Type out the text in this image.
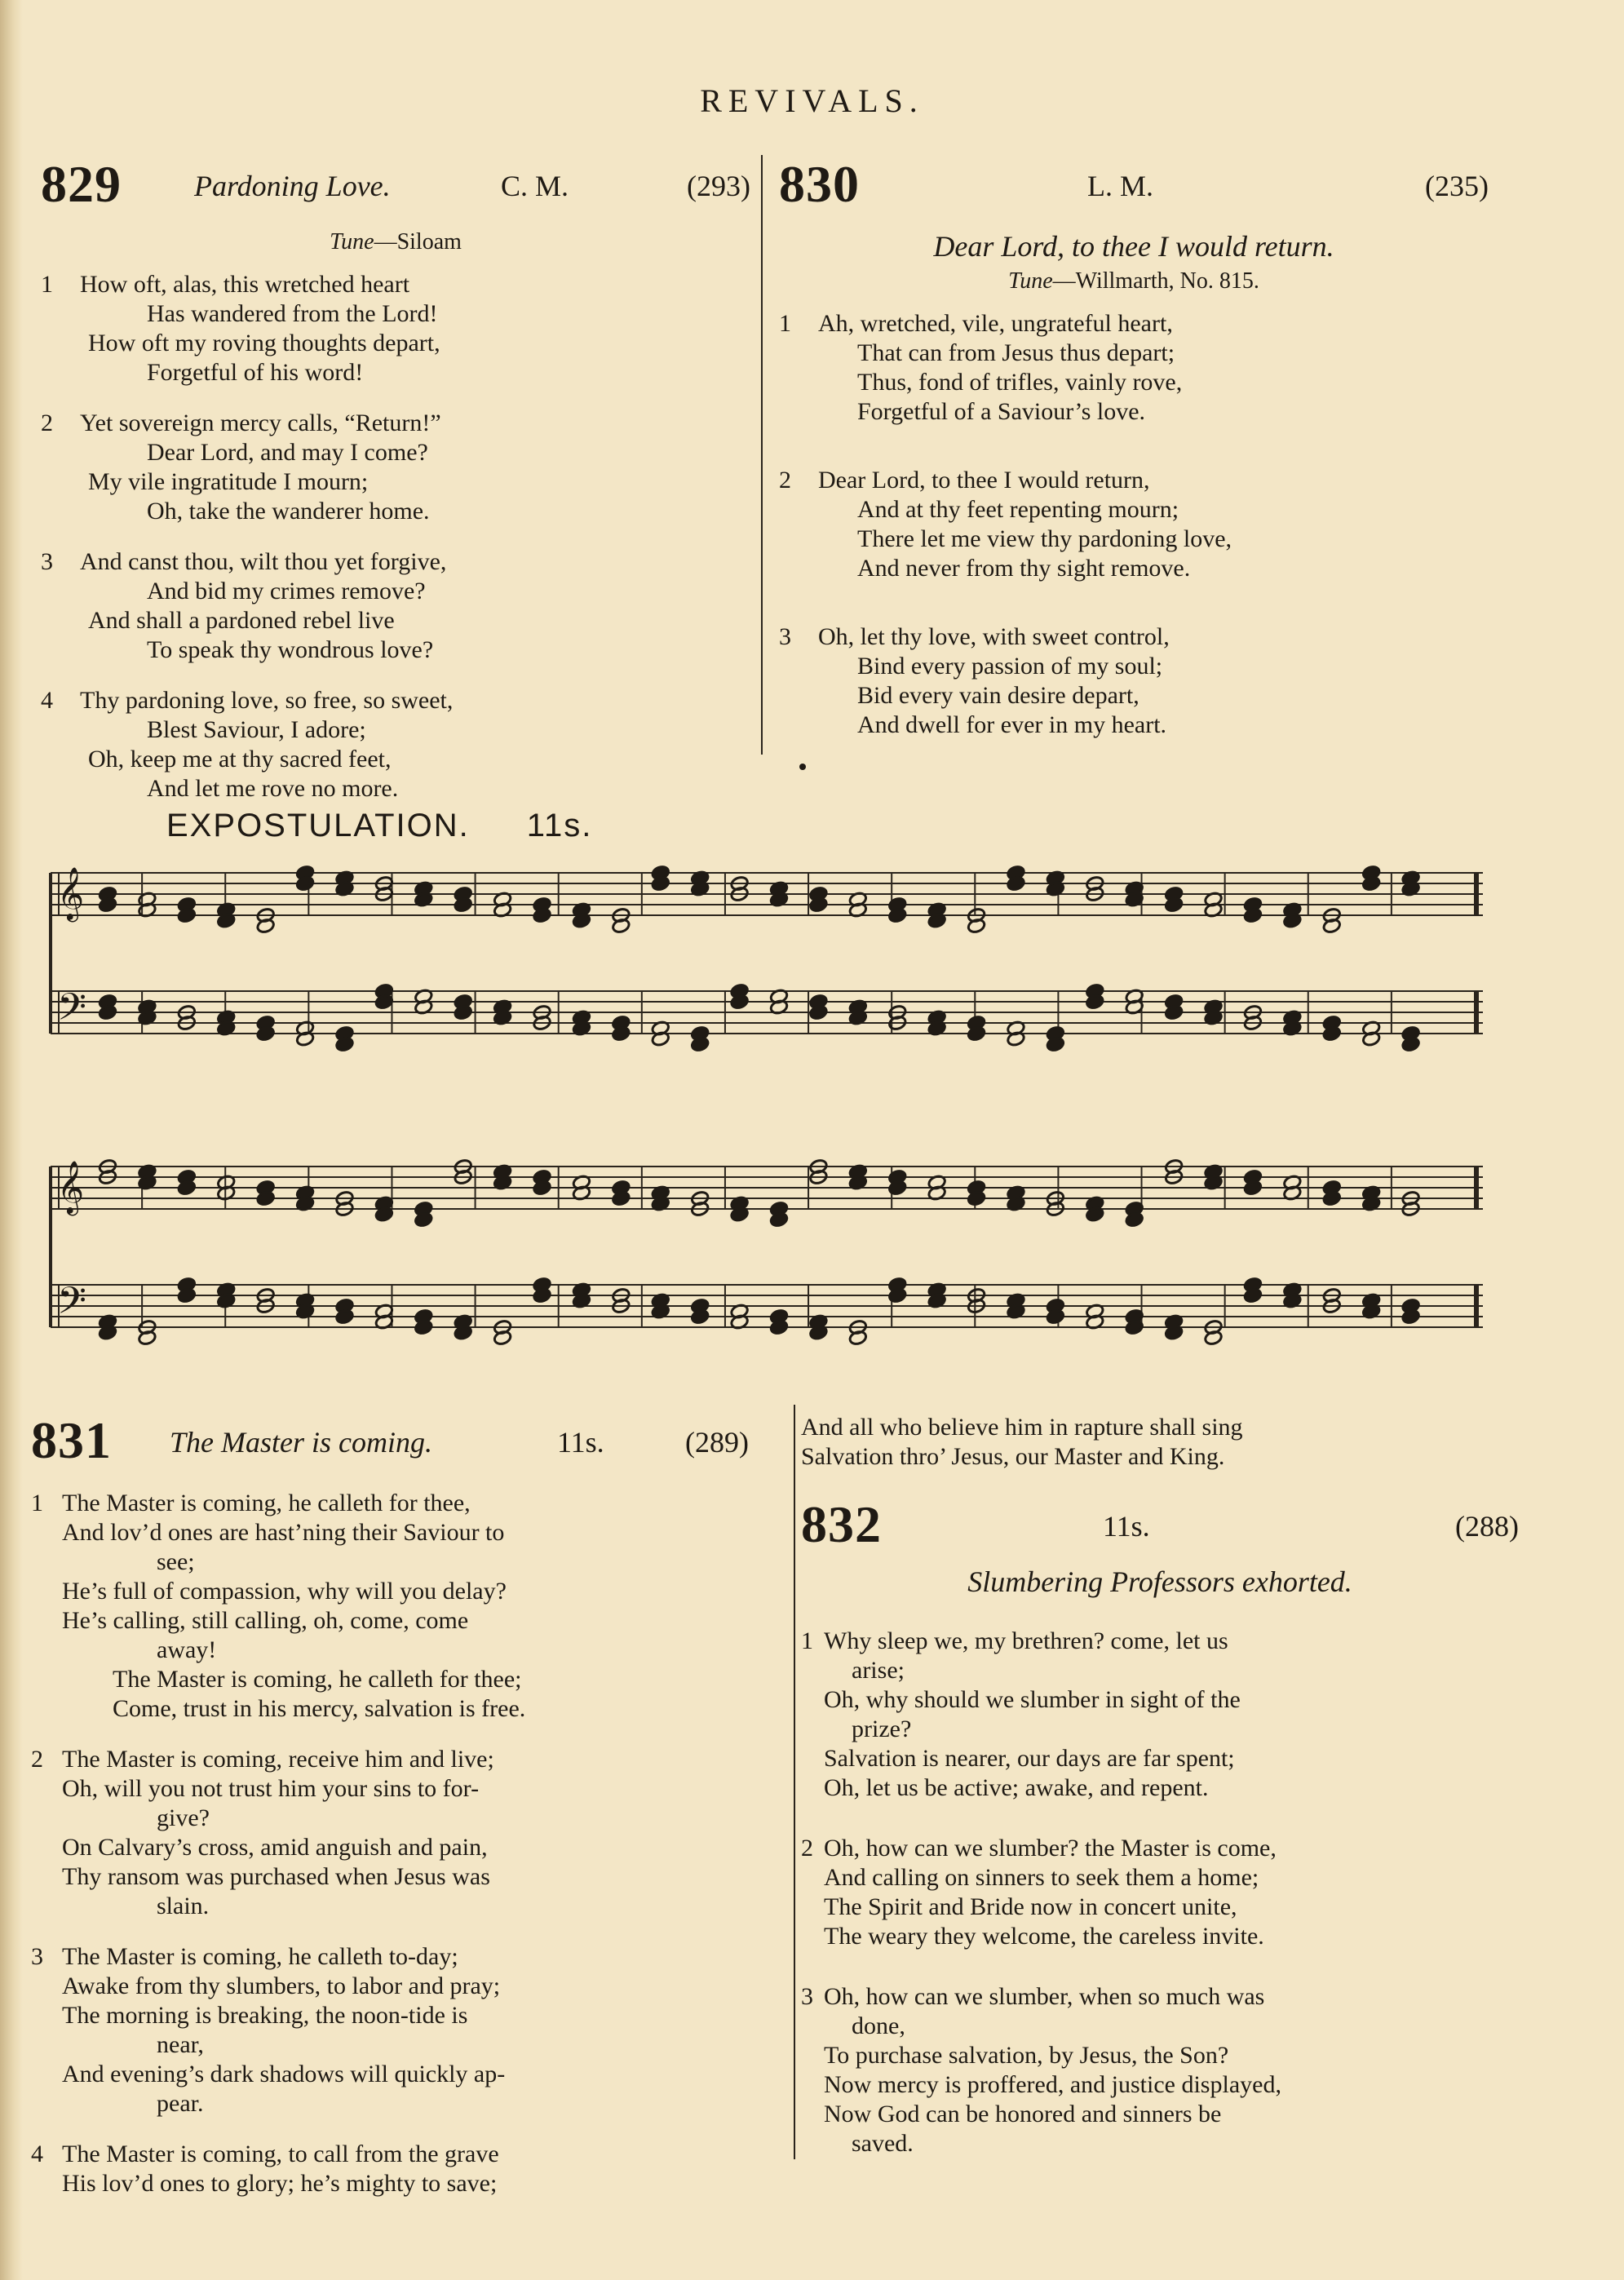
REVIVALS.
829 Pardoning Love.	C. M.	(293)
Tune—Siloam
1 How oft, alas, this wretched heart
Has wandered from the Lord!
How oft my roving thoughts depart,
Forgetful of his word!
2 Yet sovereign mercy calls, “Return!”
Dear Lord, and may I come?
My vile ingratitude I mourn;
Oh, take the wanderer home.
3 And canst thou, wilt thou yet forgive,
And bid my crimes remove?
And shall a pardoned rebel live
To speak thy wondrous love?
4 Thy pardoning love, so free, so sweet,
Blest Saviour, I adore;
Oh, keep me at thy sacred feet,
And let me rove no more.
830	L. M.	(235)
Dear Lord, to thee I would return.
Tune—Willmarth, No. 815.
1 Ah, wretched, vile, ungrateful heart,
That can from Jesus thus depart;
Thus, fond of trifles, vainly rove,
Forgetful of a Saviour’s love.
2 Dear Lord, to thee I would return,
And at thy feet repenting mourn;
There let me view thy pardoning love,
And never from thy sight remove.
3 Oh, let thy love, with sweet control,
Bind every passion of my soul;
Bid every vain desire depart,
And dwell for ever in my heart.
EXPOSTULATION. 11s.
𝄞
𝄢
𝄞
𝄢
831 The Master is coming.	11s.	(289)
1 The Master is coming, he calleth for thee,
And lov’d ones are hast’ning their Saviour to
see;
He’s full of compassion, why will you delay?
He’s calling, still calling, oh, come, come
away!
The Master is coming, he calleth for thee;
Come, trust in his mercy, salvation is free.
2 The Master is coming, receive him and live;
Oh, will you not trust him your sins to for-
give?
On Calvary’s cross, amid anguish and pain,
Thy ransom was purchased when Jesus was
slain.
3 The Master is coming, he calleth to-day;
Awake from thy slumbers, to labor and pray;
The morning is breaking, the noon-tide is
near,
And evening’s dark shadows will quickly ap-
pear.
4 The Master is coming, to call from the grave
His lov’d ones to glory; he’s mighty to save;
And all who believe him in rapture shall sing
Salvation thro’ Jesus, our Master and King.
832	11s.	(288)
Slumbering Professors exhorted.
1 Why sleep we, my brethren? come, let us
arise;
Oh, why should we slumber in sight of the
prize?
Salvation is nearer, our days are far spent;
Oh, let us be active; awake, and repent.
2 Oh, how can we slumber? the Master is come,
And calling on sinners to seek them a home;
The Spirit and Bride now in concert unite,
The weary they welcome, the careless invite.
3 Oh, how can we slumber, when so much was
done,
To purchase salvation, by Jesus, the Son?
Now mercy is proffered, and justice displayed,
Now God can be honored and sinners be
saved.
